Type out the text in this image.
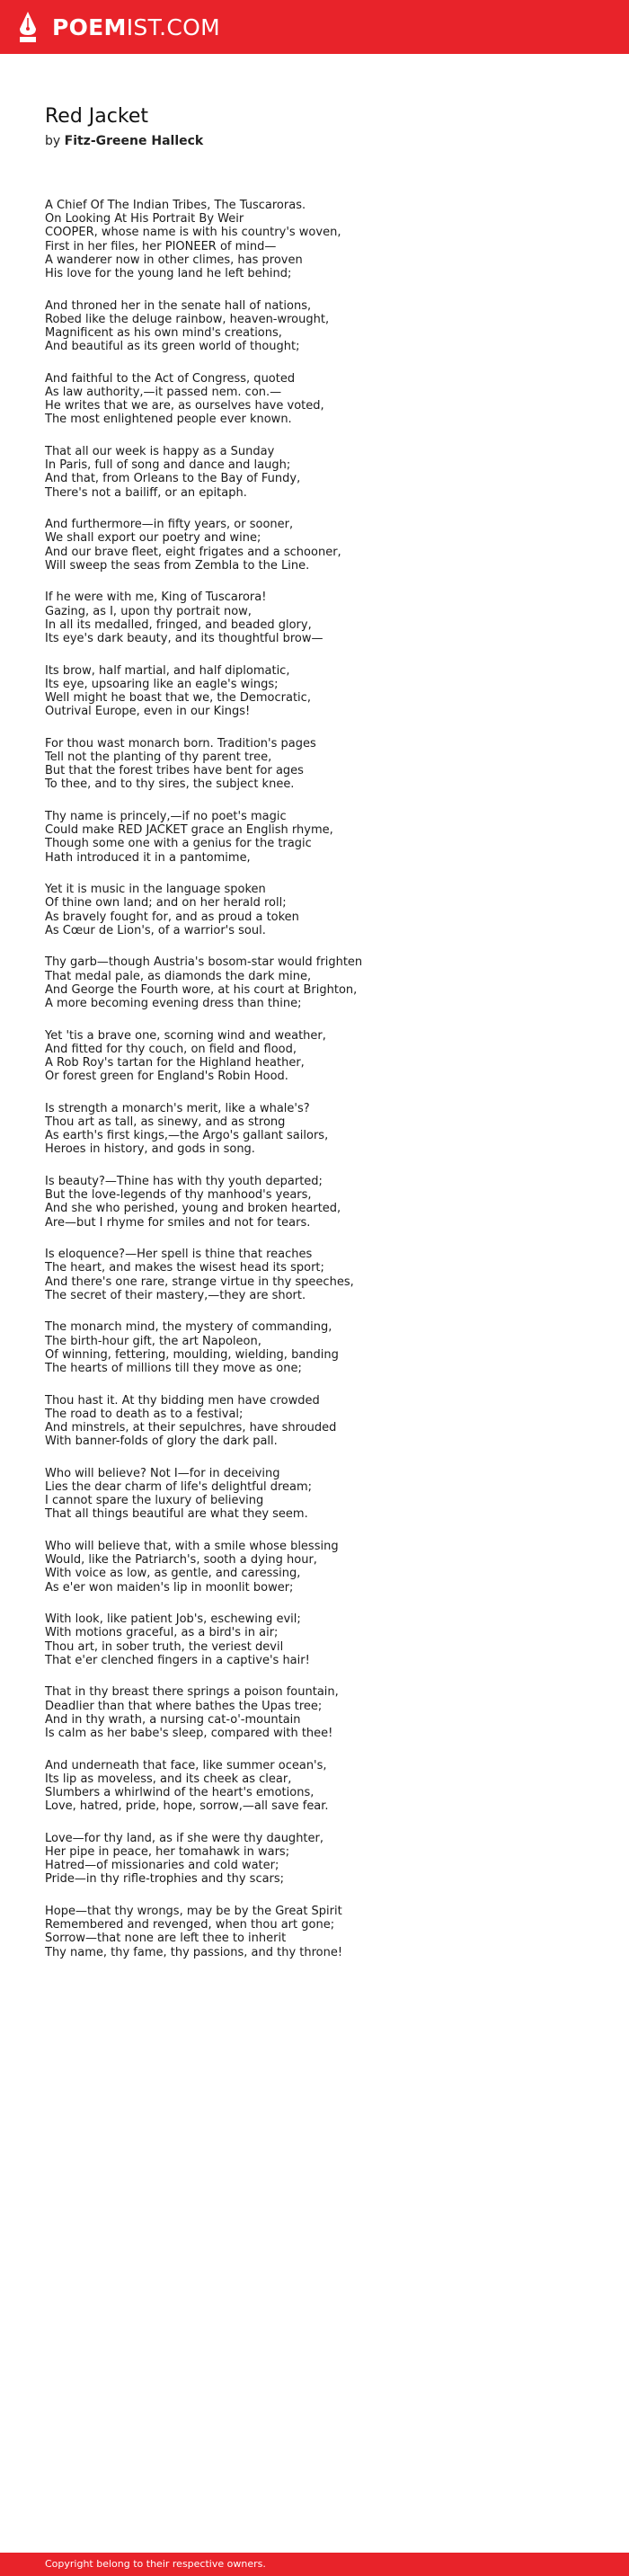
POEMIST.COM
Red Jacket
by Fitz-Greene Halleck
A Chief Of The Indian Tribes, The Tuscaroras.
On Looking At His Portrait By Weir
COOPER, whose name is with his country's woven,
First in her files, her PIONEER of mind—
A wanderer now in other climes, has proven
His love for the young land he left behind;
And throned her in the senate hall of nations,
Robed like the deluge rainbow, heaven-wrought,
Magnificent as his own mind's creations,
And beautiful as its green world of thought;
And faithful to the Act of Congress, quoted
As law authority,—it passed nem. con.—
He writes that we are, as ourselves have voted,
The most enlightened people ever known.
That all our week is happy as a Sunday
In Paris, full of song and dance and laugh;
And that, from Orleans to the Bay of Fundy,
There's not a bailiff, or an epitaph.
And furthermore—in fifty years, or sooner,
We shall export our poetry and wine;
And our brave fleet, eight frigates and a schooner,
Will sweep the seas from Zembla to the Line.
If he were with me, King of Tuscarora!
Gazing, as I, upon thy portrait now,
In all its medalled, fringed, and beaded glory,
Its eye's dark beauty, and its thoughtful brow—
Its brow, half martial, and half diplomatic,
Its eye, upsoaring like an eagle's wings;
Well might he boast that we, the Democratic,
Outrival Europe, even in our Kings!
For thou wast monarch born. Tradition's pages
Tell not the planting of thy parent tree,
But that the forest tribes have bent for ages
To thee, and to thy sires, the subject knee.
Thy name is princely,—if no poet's magic
Could make RED JACKET grace an English rhyme,
Though some one with a genius for the tragic
Hath introduced it in a pantomime,
Yet it is music in the language spoken
Of thine own land; and on her herald roll;
As bravely fought for, and as proud a token
As Cœur de Lion's, of a warrior's soul.
Thy garb—though Austria's bosom-star would frighten
That medal pale, as diamonds the dark mine,
And George the Fourth wore, at his court at Brighton,
A more becoming evening dress than thine;
Yet 'tis a brave one, scorning wind and weather,
And fitted for thy couch, on field and flood,
A Rob Roy's tartan for the Highland heather,
Or forest green for England's Robin Hood.
Is strength a monarch's merit, like a whale's?
Thou art as tall, as sinewy, and as strong
As earth's first kings,—the Argo's gallant sailors,
Heroes in history, and gods in song.
Is beauty?—Thine has with thy youth departed;
But the love-legends of thy manhood's years,
And she who perished, young and broken hearted,
Are—but I rhyme for smiles and not for tears.
Is eloquence?—Her spell is thine that reaches
The heart, and makes the wisest head its sport;
And there's one rare, strange virtue in thy speeches,
The secret of their mastery,—they are short.
The monarch mind, the mystery of commanding,
The birth-hour gift, the art Napoleon,
Of winning, fettering, moulding, wielding, banding
The hearts of millions till they move as one;
Thou hast it. At thy bidding men have crowded
The road to death as to a festival;
And minstrels, at their sepulchres, have shrouded
With banner-folds of glory the dark pall.
Who will believe? Not I—for in deceiving
Lies the dear charm of life's delightful dream;
I cannot spare the luxury of believing
That all things beautiful are what they seem.
Who will believe that, with a smile whose blessing
Would, like the Patriarch's, sooth a dying hour,
With voice as low, as gentle, and caressing,
As e'er won maiden's lip in moonlit bower;
With look, like patient Job's, eschewing evil;
With motions graceful, as a bird's in air;
Thou art, in sober truth, the veriest devil
That e'er clenched fingers in a captive's hair!
That in thy breast there springs a poison fountain,
Deadlier than that where bathes the Upas tree;
And in thy wrath, a nursing cat-o'-mountain
Is calm as her babe's sleep, compared with thee!
And underneath that face, like summer ocean's,
Its lip as moveless, and its cheek as clear,
Slumbers a whirlwind of the heart's emotions,
Love, hatred, pride, hope, sorrow,—all save fear.
Love—for thy land, as if she were thy daughter,
Her pipe in peace, her tomahawk in wars;
Hatred—of missionaries and cold water;
Pride—in thy rifle-trophies and thy scars;
Hope—that thy wrongs, may be by the Great Spirit
Remembered and revenged, when thou art gone;
Sorrow—that none are left thee to inherit
Thy name, thy fame, thy passions, and thy throne!
Copyright belong to their respective owners.
